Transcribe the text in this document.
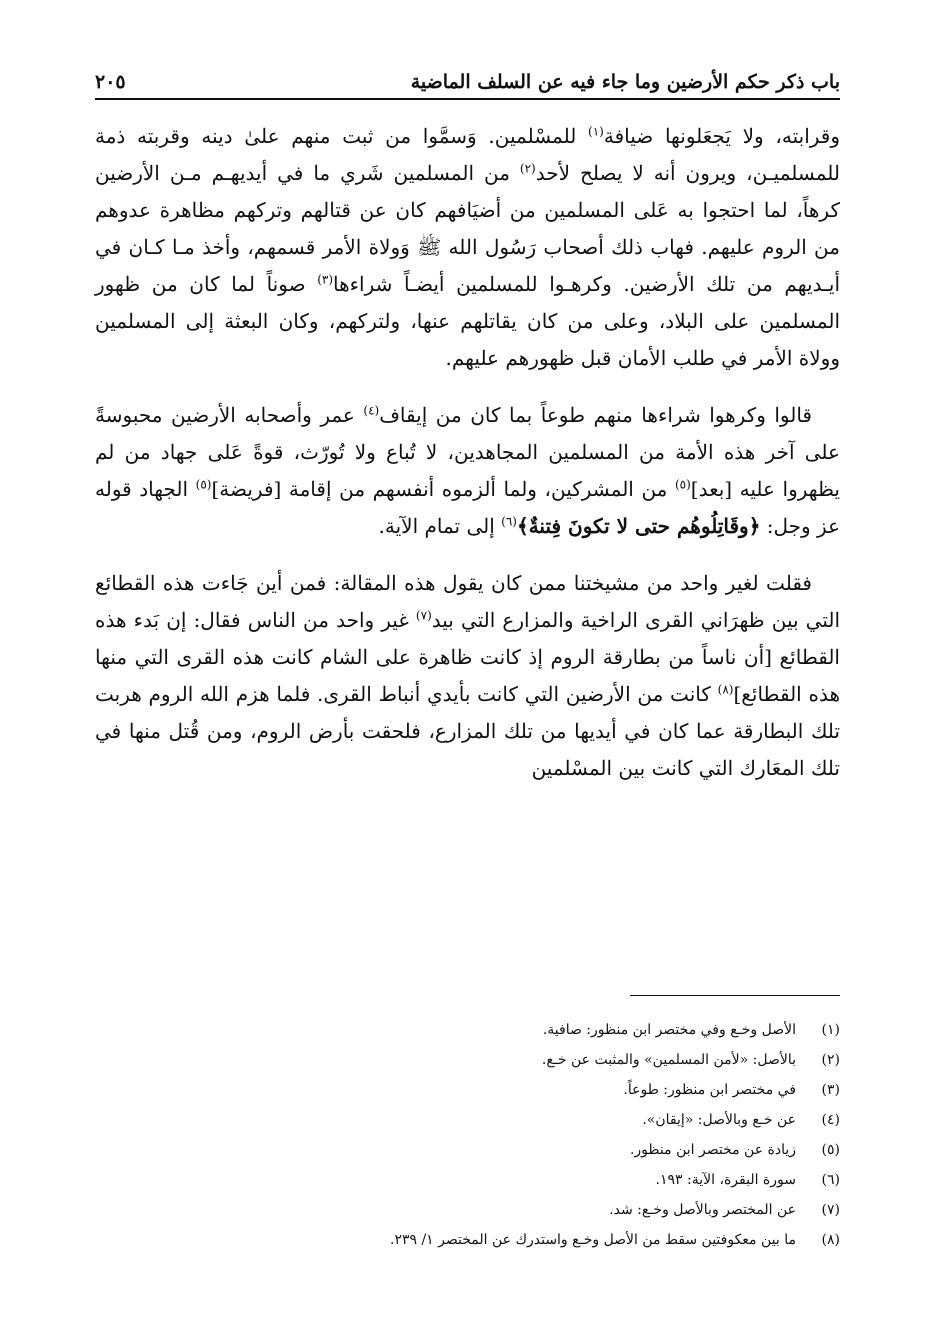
باب ذكر حكم الأرضين وما جاء فيه عن السلف الماضية
٢٠٥

وقرابته، ولا يَجعَلونها ضيافة$^{(١)}$ للمسْلمين. وَسمَّوا من ثبت منهم علىٰ دينه وقربته ذمة للمسلميـن، ويرون أنه لا يصلح لأحد$^{(٢)}$ من المسلمين شَري ما في أيديهـم مـن الأرضين كرهاً، لما احتجوا به عَلى المسلمين من أضيَافهم كان عن قتالهم وتركهم مظاهرة عدوهم من الروم عليهم. فهاب ذلك أصحاب رَسُول الله ﷺ وَولاة الأمر قسمهم، وأخذ مـا كـان في أيـديهم من تلك الأرضين. وكرهـوا للمسلمين أيضـاً شراءها$^{(٣)}$ صوناً لما كان من ظهور المسلمين على البلاد، وعلى من كان يقاتلهم عنها، ولتركهم، وكان البعثة إلى المسلمين وولاة الأمر في طلب الأمان قبل ظهورهم عليهم.

قالوا وكرهوا شراءها منهم طوعاً بما كان من إيقاف$^{(٤)}$ عمر وأصحابه الأرضين محبوسةً على آخر هذه الأمة من المسلمين المجاهدين، لا تُباع ولا تُورّث، قوةً عَلى جهاد من لم يظهروا عليه [بعد]$^{(٥)}$ من المشركين، ولما ألزموه أنفسهم من إقامة [فريضة]$^{(٥)}$ الجهاد قوله عز وجل: ﴿وقَاتِلُوهُم حتى لا تكونَ فِتنةٌ﴾$^{(٦)}$ إلى تمام الآية.

فقلت لغير واحد من مشيختنا ممن كان يقول هذه المقالة: فمن أين جَاءت هذه القطائع التي بين ظهرَاني القرى الراخية والمزارع التي بيد$^{(٧)}$ غير واحد من الناس فقال: إن بَدء هذه القطائع [أن ناساً من بطارقة الروم إذ كانت ظاهرة على الشام كانت هذه القرى التي منها هذه القطائع]$^{(٨)}$ كانت من الأرضين التي كانت بأيدي أنباط القرى. فلما هزم الله الروم هربت تلك البطارقة عما كان في أيديها من تلك المزارع، فلحقت بأرض الروم، ومن قُتل منها في تلك المعَارك التي كانت بين المسْلمين

(١)
الأصل وخـع وفي مختصر ابن منظور: صافية.
(٢)
بالأصل: «لأمن المسلمين» والمثبت عن خـع.
(٣)
في مختصر ابن منظور: طوعاً.
(٤)
عن خـع وبالأصل: «إيقان».
(٥)
زيادة عن مختصر ابن منظور.
(٦)
سورة البقرة، الآية: ١٩٣.
(٧)
عن المختصر وبالأصل وخـع: شد.
(٨)
ما بين معكوفتين سقط من الأصل وخـع واستدرك عن المختصر ١/ ٢٣٩.
